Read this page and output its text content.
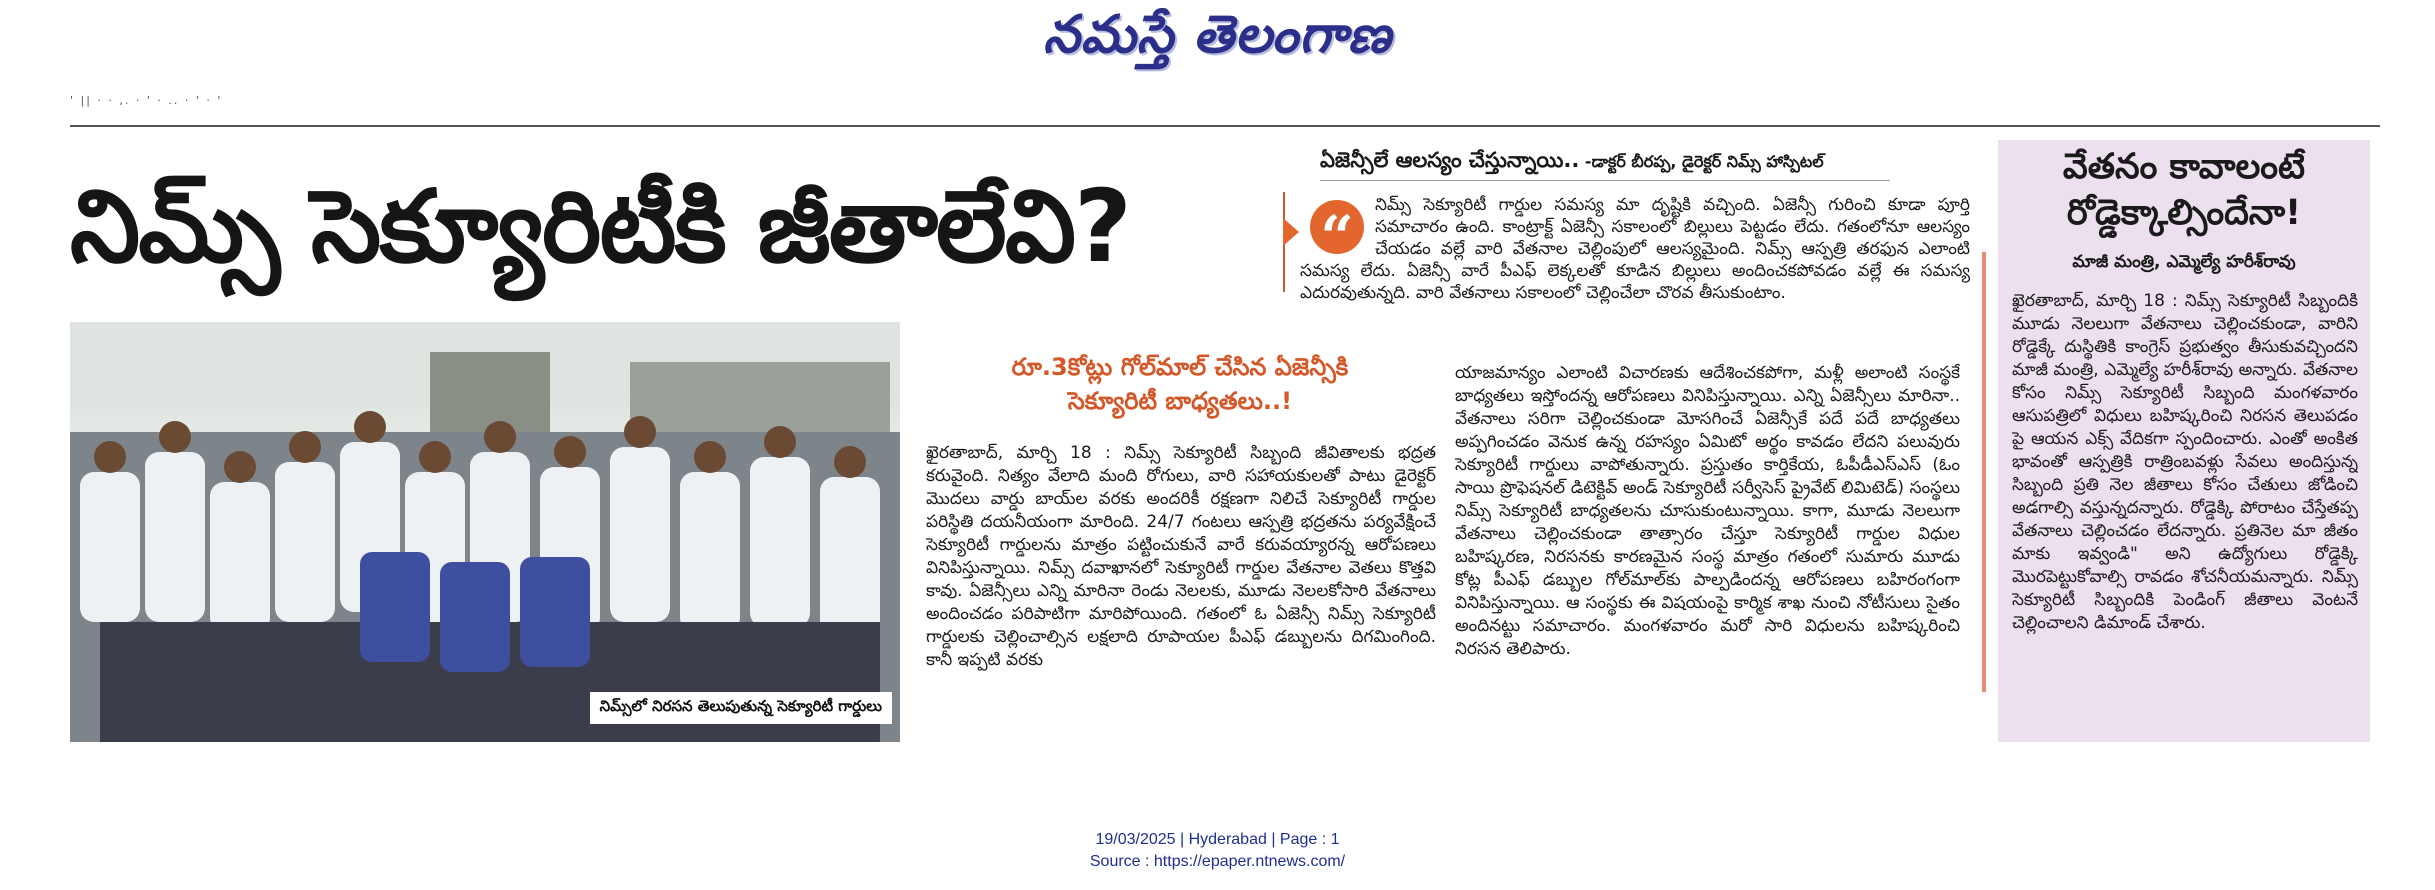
నమస్తే తెలంగాణ
' || · · ,. · ' · .. · ' · '
నిమ్స్ సెక్యూరిటీకి జీతాలేవి?
నిమ్స్‌లో నిరసన తెలుపుతున్న సెక్యూరిటీ గార్డులు
ఏజెన్సీలే ఆలస్యం చేస్తున్నాయి.. -డాక్టర్ బీరప్ప, డైరెక్టర్ నిమ్స్ హాస్పిటల్
నిమ్స్ సెక్యూరిటీ గార్డుల సమస్య మా దృష్టికి వచ్చింది. ఏజెన్సీ గురించి కూడా పూర్తి సమాచారం ఉంది. కాంట్రాక్ట్ ఏజెన్సీ సకాలంలో బిల్లులు పెట్టడం లేదు. గతంలోనూ ఆలస్యం చేయడం వల్లే వారి వేతనాల చెల్లింపులో ఆలస్యమైంది. నిమ్స్ ఆస్పత్రి తరఫున ఎలాంటి సమస్య లేదు. ఏజెన్సీ వారే పీఎఫ్ లెక్కలతో కూడిన బిల్లులు అందించకపోవడం వల్లే ఈ సమస్య ఎదురవుతున్నది. వారి వేతనాలు సకాలంలో చెల్లించేలా చొరవ తీసుకుంటాం.
“
రూ.3కోట్లు గోల్‌మాల్ చేసిన ఏజెన్సీకి
సెక్యూరిటీ బాధ్యతలు..!
ఖైరతాబాద్, మార్చి 18 : నిమ్స్ సెక్యూరిటీ సిబ్బంది జీవితాలకు భద్రత కరువైంది. నిత్యం వేలాది మంది రోగులు, వారి సహాయకులతో పాటు డైరెక్టర్ మొదలు వార్డు బాయ్‌ల వరకు అందరికీ రక్షణగా నిలిచే సెక్యూరిటీ గార్డుల పరిస్థితి దయనీయంగా మారింది. 24/7 గంటలు ఆస్పత్రి భద్రతను పర్యవేక్షించే సెక్యూరిటీ గార్డులను మాత్రం పట్టించుకునే వారే కరువయ్యారన్న ఆరోపణలు వినిపిస్తున్నాయి. నిమ్స్ దవాఖానలో సెక్యూరిటీ గార్డుల వేతనాల వెతలు కొత్తవి కావు. ఏజెన్సీలు ఎన్ని మారినా రెండు నెలలకు, మూడు నెలలకోసారి వేతనాలు అందించడం పరిపాటిగా మారిపోయింది. గతంలో ఓ ఏజెన్సీ నిమ్స్ సెక్యూరిటీ గార్డులకు చెల్లించాల్సిన లక్షలాది రూపాయల పీఎఫ్ డబ్బులను దిగమింగింది. కానీ ఇప్పటి వరకు
యాజమాన్యం ఎలాంటి విచారణకు ఆదేశించకపోగా, మళ్లీ అలాంటి సంస్థకే బాధ్యతలు ఇస్తోందన్న ఆరోపణలు వినిపిస్తున్నాయి. ఎన్ని ఏజెన్సీలు మారినా.. వేతనాలు సరిగా చెల్లించకుండా మోసగించే ఏజెన్సీకే పదే పదే బాధ్యతలు అప్పగించడం వెనుక ఉన్న రహస్యం ఏమిటో అర్థం కావడం లేదని పలువురు సెక్యూరిటీ గార్డులు వాపోతున్నారు. ప్రస్తుతం కార్తికేయ, ఓపీడీఎస్‌ఎస్ (ఓం సాయి ప్రొఫెషనల్ డిటెక్టివ్ అండ్ సెక్యూరిటీ సర్వీసెస్ ప్రైవేట్ లిమిటెడ్) సంస్థలు నిమ్స్ సెక్యూరిటీ బాధ్యతలను చూసుకుంటున్నాయి. కాగా, మూడు నెలలుగా వేతనాలు చెల్లించకుండా తాత్సారం చేస్తూ సెక్యూరిటీ గార్డుల విధుల బహిష్కరణ, నిరసనకు కారణమైన సంస్థ మాత్రం గతంలో సుమారు మూడు కోట్ల పీఎఫ్ డబ్బుల గోల్‌మాల్‌కు పాల్పడిందన్న ఆరోపణలు బహిరంగంగా వినిపిస్తున్నాయి. ఆ సంస్థకు ఈ విషయంపై కార్మిక శాఖ నుంచి నోటీసులు సైతం అందినట్టు సమాచారం. మంగళవారం మరో సారి విధులను బహిష్కరించి నిరసన తెలిపారు.
వేతనం కావాలంటే రోడ్డెక్కాల్సిందేనా!
మాజీ మంత్రి, ఎమ్మెల్యే హరీశ్‌రావు
ఖైరతాబాద్, మార్చి 18 : నిమ్స్ సెక్యూరిటీ సిబ్బందికి మూడు నెలలుగా వేతనాలు చెల్లించకుండా, వారిని రోడ్డెక్కే దుస్థితికి కాంగ్రెస్ ప్రభుత్వం తీసుకువచ్చిందని మాజీ మంత్రి, ఎమ్మెల్యే హరీశ్‌రావు అన్నారు. వేతనాల కోసం నిమ్స్ సెక్యూరిటీ సిబ్బంది మంగళవారం ఆసుపత్రిలో విధులు బహిష్కరించి నిరసన తెలుపడం పై ఆయన ఎక్స్ వేదికగా స్పందించారు. ఎంతో అంకిత భావంతో ఆస్పత్రికి రాత్రింబవళ్లు సేవలు అందిస్తున్న సిబ్బంది ప్రతి నెల జీతాలు కోసం చేతులు జోడించి అడగాల్సి వస్తున్నదన్నారు. రోడ్డెక్కి పోరాటం చేస్తేతప్ప వేతనాలు చెల్లించడం లేదన్నారు. ప్రతినెల మా జీతం మాకు ఇవ్వండి" అని ఉద్యోగులు రోడ్డెక్కి మొరపెట్టుకోవాల్సి రావడం శోచనీయమన్నారు. నిమ్స్ సెక్యూరిటీ సిబ్బందికి పెండింగ్ జీతాలు వెంటనే చెల్లించాలని డిమాండ్ చేశారు.
19/03/2025 | Hyderabad | Page : 1
Source : https://epaper.ntnews.com/
